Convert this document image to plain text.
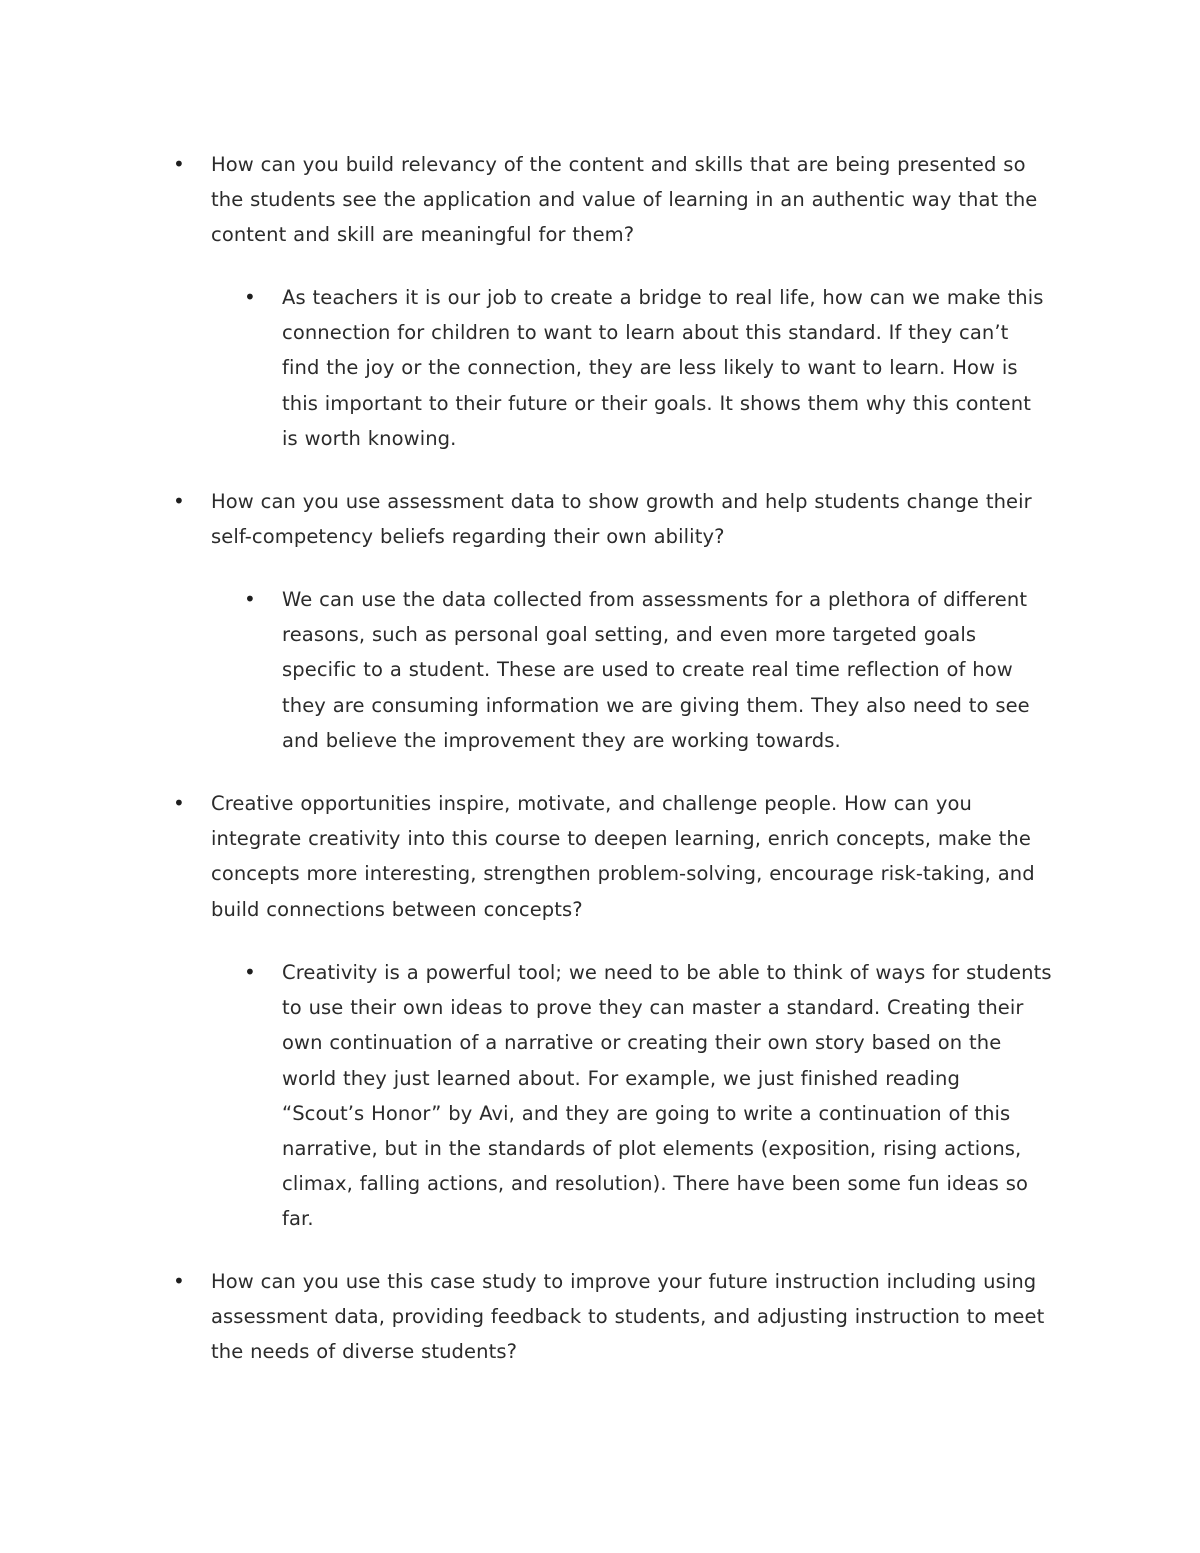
• How can you build relevancy of the content and skills that are being presented so
the students see the application and value of learning in an authentic way that the
content and skill are meaningful for them?
• As teachers it is our job to create a bridge to real life, how can we make this
connection for children to want to learn about this standard. If they can’t
find the joy or the connection, they are less likely to want to learn. How is
this important to their future or their goals. It shows them why this content
is worth knowing.
• How can you use assessment data to show growth and help students change their
self-competency beliefs regarding their own ability?
• We can use the data collected from assessments for a plethora of different
reasons, such as personal goal setting, and even more targeted goals
specific to a student. These are used to create real time reflection of how
they are consuming information we are giving them. They also need to see
and believe the improvement they are working towards.
• Creative opportunities inspire, motivate, and challenge people. How can you
integrate creativity into this course to deepen learning, enrich concepts, make the
concepts more interesting, strengthen problem-solving, encourage risk-taking, and
build connections between concepts?
• Creativity is a powerful tool; we need to be able to think of ways for students
to use their own ideas to prove they can master a standard. Creating their
own continuation of a narrative or creating their own story based on the
world they just learned about. For example, we just finished reading
“Scout’s Honor” by Avi, and they are going to write a continuation of this
narrative, but in the standards of plot elements (exposition, rising actions,
climax, falling actions, and resolution). There have been some fun ideas so
far.
• How can you use this case study to improve your future instruction including using
assessment data, providing feedback to students, and adjusting instruction to meet
the needs of diverse students?
